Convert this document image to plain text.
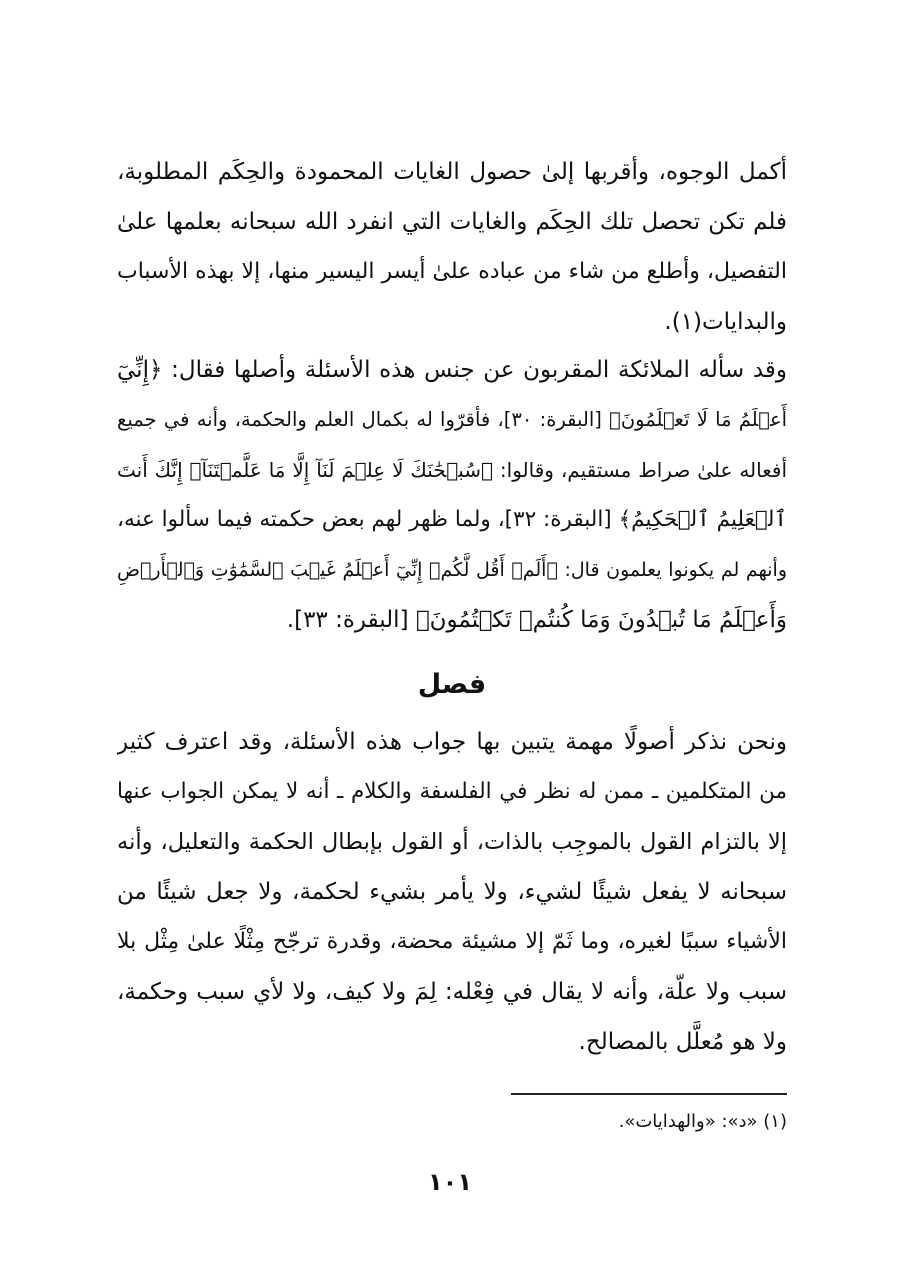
أكمل الوجوه، وأقربها إلىٰ حصول الغايات المحمودة والحِكَم المطلوبة،

فلم تكن تحصل تلك الحِكَم والغايات التي انفرد الله سبحانه بعلمها علىٰ

التفصيل، وأطلع من شاء من عباده علىٰ أيسر اليسير منها، إلا بهذه الأسباب

والبدايات(١).

وقد سأله الملائكة المقربون عن جنس هذه الأسئلة وأصلها فقال: ﴿إِنِّيٓ

أَعۡلَمُ مَا لَا تَعۡلَمُونَ﴾ [البقرة: ٣٠]، فأقرّوا له بكمال العلم والحكمة، وأنه في جميع

أفعاله علىٰ صراط مستقيم، وقالوا: ﴿سُبۡحَٰنَكَ لَا عِلۡمَ لَنَآ إِلَّا مَا عَلَّمۡتَنَآۖ إِنَّكَ أَنتَ

ٱلۡعَلِيمُ ٱلۡحَكِيمُ﴾ [البقرة: ٣٢]، ولما ظهر لهم بعض حكمته فيما سألوا عنه،

وأنهم لم يكونوا يعلمون قال: ﴿أَلَمۡ أَقُل لَّكُمۡ إِنِّيٓ أَعۡلَمُ غَيۡبَ ٱلسَّمَٰوَٰتِ وَٱلۡأَرۡضِ

وَأَعۡلَمُ مَا تُبۡدُونَ وَمَا كُنتُمۡ تَكۡتُمُونَ﴾ [البقرة: ٣٣].

فصل

ونحن نذكر أصولًا مهمة يتبين بها جواب هذه الأسئلة، وقد اعترف كثير

من المتكلمين ـ ممن له نظر في الفلسفة والكلام ـ أنه لا يمكن الجواب عنها

إلا بالتزام القول بالموجِب بالذات، أو القول بإبطال الحكمة والتعليل، وأنه

سبحانه لا يفعل شيئًا لشيء، ولا يأمر بشيء لحكمة، ولا جعل شيئًا من

الأشياء سببًا لغيره، وما ثَمّ إلا مشيئة محضة، وقدرة ترجّح مِثْلًا علىٰ مِثْل بلا

سبب ولا علّة، وأنه لا يقال في فِعْله: لِمَ ولا كيف، ولا لأي سبب وحكمة،

ولا هو مُعلَّل بالمصالح.

(١) «د»: «والهدايات».
١٠١
